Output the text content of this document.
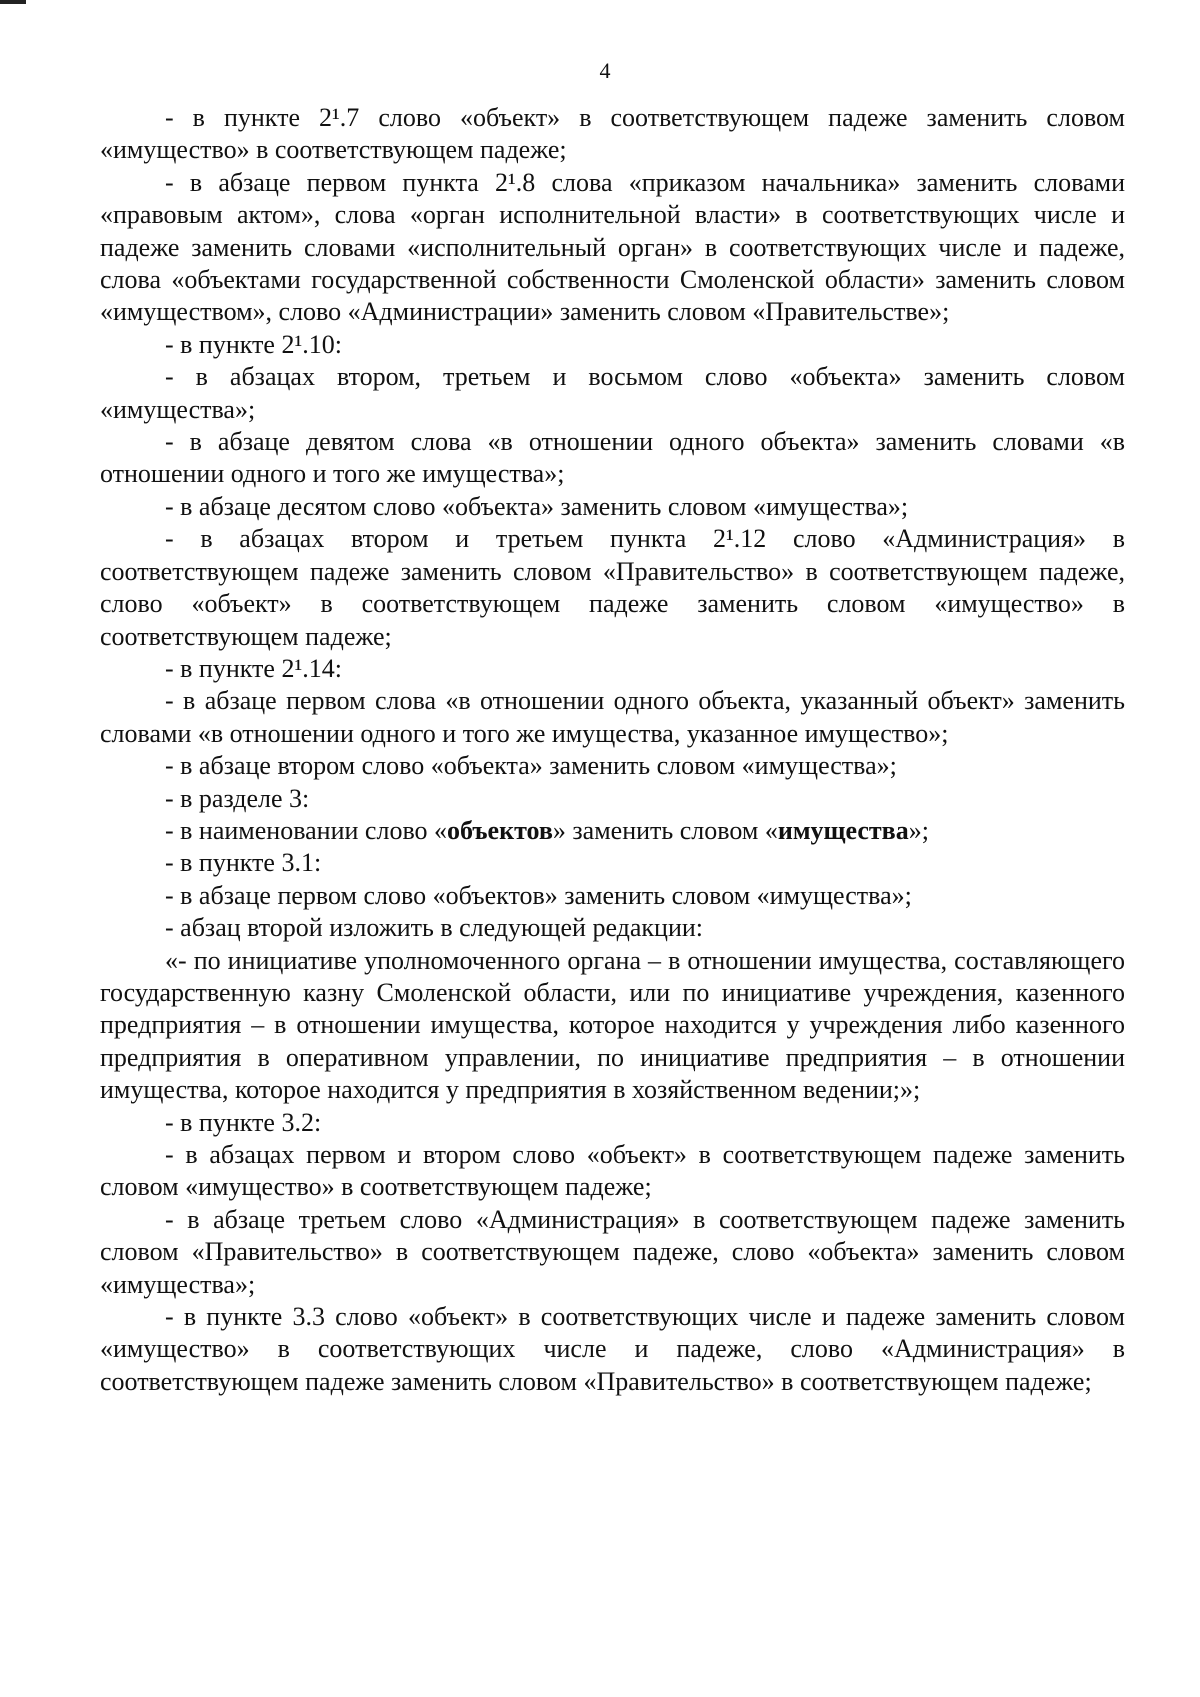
4

- в пункте 2¹.7 слово «объект» в соответствующем падеже заменить словом «имущество» в соответствующем падеже;

- в абзаце первом пункта 2¹.8 слова «приказом начальника» заменить словами «правовым актом», слова «орган исполнительной власти» в соответствующих числе и падеже заменить словами «исполнительный орган» в соответствующих числе и падеже, слова «объектами государственной собственности Смоленской области» заменить словом «имуществом», слово «Администрации» заменить словом «Правительстве»;

- в пункте 2¹.10:

- в абзацах втором, третьем и восьмом слово «объекта» заменить словом «имущества»;

- в абзаце девятом слова «в отношении одного объекта» заменить словами «в отношении одного и того же имущества»;

- в абзаце десятом слово «объекта» заменить словом «имущества»;

- в абзацах втором и третьем пункта 2¹.12 слово «Администрация» в соответствующем падеже заменить словом «Правительство» в соответствующем падеже, слово «объект» в соответствующем падеже заменить словом «имущество» в соответствующем падеже;

- в пункте 2¹.14:

- в абзаце первом слова «в отношении одного объекта, указанный объект» заменить словами «в отношении одного и того же имущества, указанное имущество»;

- в абзаце втором слово «объекта» заменить словом «имущества»;

- в разделе 3:

- в наименовании слово «объектов» заменить словом «имущества»;

- в пункте 3.1:

- в абзаце первом слово «объектов» заменить словом «имущества»;

- абзац второй изложить в следующей редакции:

«- по инициативе уполномоченного органа – в отношении имущества, составляющего государственную казну Смоленской области, или по инициативе учреждения, казенного предприятия – в отношении имущества, которое находится у учреждения либо казенного предприятия в оперативном управлении, по инициативе предприятия – в отношении имущества, которое находится у предприятия в хозяйственном ведении;»;

- в пункте 3.2:

- в абзацах первом и втором слово «объект» в соответствующем падеже заменить словом «имущество» в соответствующем падеже;

- в абзаце третьем слово «Администрация» в соответствующем падеже заменить словом «Правительство» в соответствующем падеже, слово «объекта» заменить словом «имущества»;

- в пункте 3.3 слово «объект» в соответствующих числе и падеже заменить словом «имущество» в соответствующих числе и падеже, слово «Администрация» в соответствующем падеже заменить словом «Правительство» в соответствующем падеже;
